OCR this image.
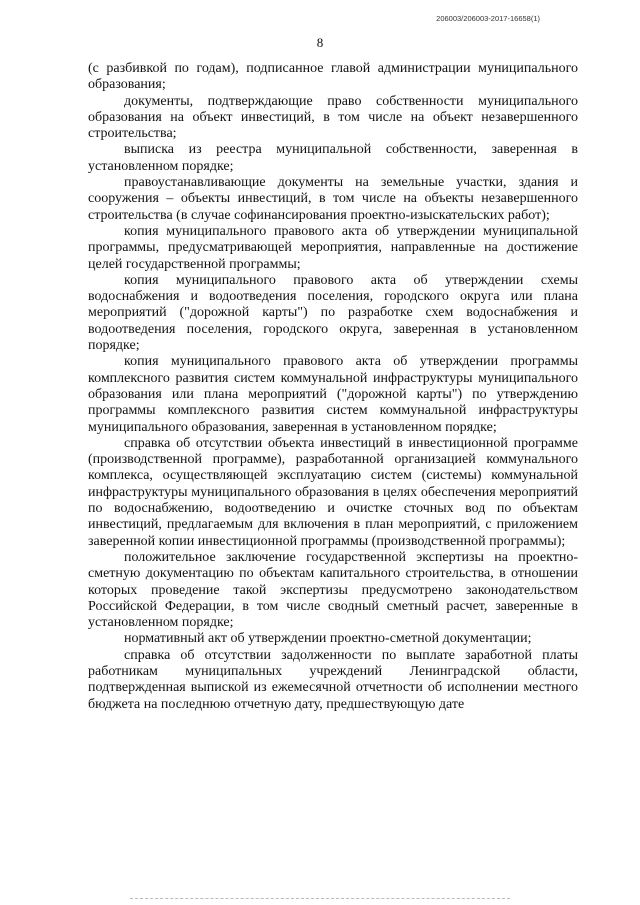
206003/206003-2017-16658(1)
8

(с разбивкой по годам), подписанное главой администрации муниципального образования;

документы, подтверждающие право собственности муниципального образования на объект инвестиций, в том числе на объект незавершенного строительства;

выписка из реестра муниципальной собственности, заверенная в установленном порядке;

правоустанавливающие документы на земельные участки, здания и сооружения – объекты инвестиций, в том числе на объекты незавершенного строительства (в случае софинансирования проектно-изыскательских работ);

копия муниципального правового акта об утверждении муниципальной программы, предусматривающей мероприятия, направленные на достижение целей государственной программы;

копия муниципального правового акта об утверждении схемы водоснабжения и водоотведения поселения, городского округа или плана мероприятий ("дорожной карты") по разработке схем водоснабжения и водоотведения поселения, городского округа, заверенная в установленном порядке;

копия муниципального правового акта об утверждении программы комплексного развития систем коммунальной инфраструктуры муниципального образования или плана мероприятий ("дорожной карты") по утверждению программы комплексного развития систем коммунальной инфраструктуры муниципального образования, заверенная в установленном порядке;

справка об отсутствии объекта инвестиций в инвестиционной программе (производственной программе), разработанной организацией коммунального комплекса, осуществляющей эксплуатацию систем (системы) коммунальной инфраструктуры муниципального образования в целях обеспечения мероприятий по водоснабжению, водоотведению и очистке сточных вод по объектам инвестиций, предлагаемым для включения в план мероприятий, с приложением заверенной копии инвестиционной программы (производственной программы);

положительное заключение государственной экспертизы на проектно-сметную документацию по объектам капитального строительства, в отношении которых проведение такой экспертизы предусмотрено законодательством Российской Федерации, в том числе сводный сметный расчет, заверенные в установленном порядке;

нормативный акт об утверждении проектно-сметной документации;

справка об отсутствии задолженности по выплате заработной платы работникам муниципальных учреждений Ленинградской области, подтвержденная выпиской из ежемесячной отчетности об исполнении местного бюджета на последнюю отчетную дату, предшествующую дате
